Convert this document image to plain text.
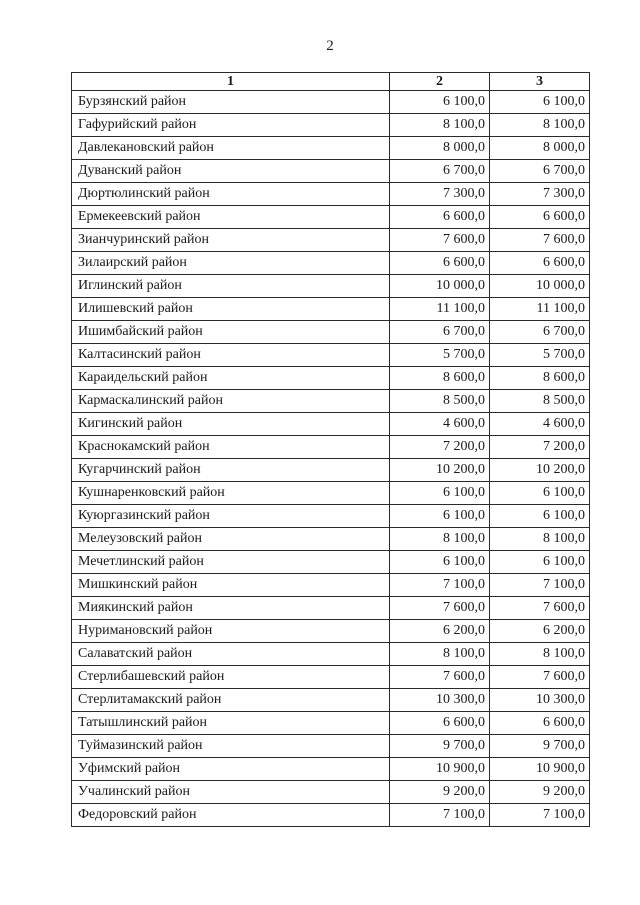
2
1	2	3
Бурзянский район	6 100,0	6 100,0
Гафурийский район	8 100,0	8 100,0
Давлекановский район	8 000,0	8 000,0
Дуванский район	6 700,0	6 700,0
Дюртюлинский район	7 300,0	7 300,0
Ермекеевский район	6 600,0	6 600,0
Зианчуринский район	7 600,0	7 600,0
Зилаирский район	6 600,0	6 600,0
Иглинский район	10 000,0	10 000,0
Илишевский район	11 100,0	11 100,0
Ишимбайский район	6 700,0	6 700,0
Калтасинский район	5 700,0	5 700,0
Караидельский район	8 600,0	8 600,0
Кармаскалинский район	8 500,0	8 500,0
Кигинский район	4 600,0	4 600,0
Краснокамский район	7 200,0	7 200,0
Кугарчинский район	10 200,0	10 200,0
Кушнаренковский район	6 100,0	6 100,0
Куюргазинский район	6 100,0	6 100,0
Мелеузовский район	8 100,0	8 100,0
Мечетлинский район	6 100,0	6 100,0
Мишкинский район	7 100,0	7 100,0
Миякинский район	7 600,0	7 600,0
Нуримановский район	6 200,0	6 200,0
Салаватский район	8 100,0	8 100,0
Стерлибашевский район	7 600,0	7 600,0
Стерлитамакский район	10 300,0	10 300,0
Татышлинский район	6 600,0	6 600,0
Туймазинский район	9 700,0	9 700,0
Уфимский район	10 900,0	10 900,0
Учалинский район	9 200,0	9 200,0
Федоровский район	7 100,0	7 100,0
